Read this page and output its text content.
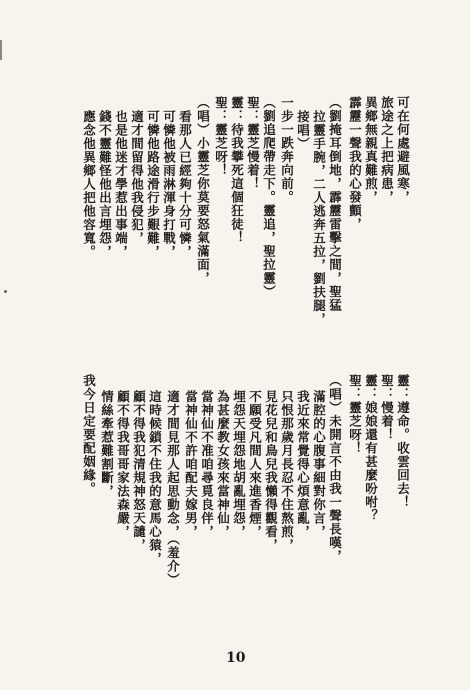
可在何處避風寒，
旅途之上把病患，
異鄉無親真難煎，
霹靂一聲我的心發顫，
（劉掩耳倒地，霹靂雷擊之間，聖猛
拉靈手腕，二人逃奔五拉，劉扶腿，
接唱）
一步一跌奔向前。
（劉追爬帶走下。靈追，聖拉靈）
聖：靈芝慢着！
靈：待我攀死這個狂徒！
聖：靈芝呀！
（唱）小靈芝你莫要怒氣滿面，
看那人已經夠十分可憐，
可憐他被雨淋渾身打戰，
可憐他路途滑行步艱難，
適才間留得他我侵犯，
也是他迷才學惹出事端，
錢不靈難怪他出言埋怨，
應念他異鄉人把他容寬。
靈：遵命。收雲回去！
聖：慢着！
靈：娘娘還有甚麼吩咐？
聖：靈芝呀！
（唱）未開言不由我一聲長嘆，
滿腔的心腹事細對你言，
我近來常覺得心煩意亂，
只恨那歲月長忍不住熬煎，
見花兒和鳥兒我懶得觀看，
不願受凡間人來進香煙，
埋怨天埋怨地胡亂埋怨，
為甚麼教女孩來當神仙，
當神仙不准咱尋覓良伴，
當神仙不許咱配夫嫁男，
適才間見那人起思動念，（羞介）
這時候鎖不住我的意馬心猿，
顧不得我犯清規神怒天譴，
顧不得我哥哥家法森嚴，
情絲牽惹難割斷，
我今日定要配姻緣。
10
